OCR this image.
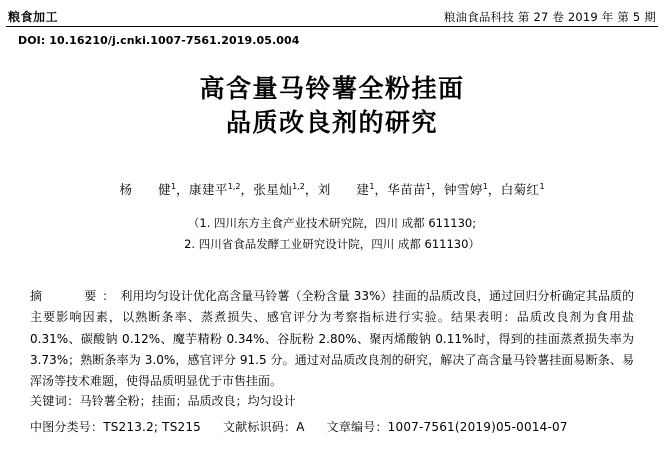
粮食加工	粮油食品科技 第 27 卷 2019 年 第 5 期
DOI: 10.16210/j.cnki.1007-7561.2019.05.004
高含量马铃薯全粉挂面
品质改良剂的研究
杨　　健$^1$，康建平$^{1,2}$，张星灿$^{1,2}$，刘　　建$^1$，华苗苗$^1$，钟雪婷$^1$，白菊红$^1$
（1. 四川东方主食产业技术研究院，四川 成都 611130;
2. 四川省食品发酵工业研究设计院，四川 成都 611130）
摘　　要：利用均匀设计优化高含量马铃薯（全粉含量 33%）挂面的品质改良，通过回归分析确定其品质的主要影响因素，以熟断条率、蒸煮损失、感官评分为考察指标进行实验。结果表明：品质改良剂为食用盐 0.31%、碳酸钠 0.12%、魔芋精粉 0.34%、谷朊粉 2.80%、聚丙烯酸钠 0.11%时，得到的挂面蒸煮损失率为 3.73%；熟断条率为 3.0%，感官评分 91.5 分。通过对品质改良剂的研究，解决了高含量马铃薯挂面易断条、易浑汤等技术难题，使得品质明显优于市售挂面。
关键词：马铃薯全粉；挂面；品质改良；均匀设计
中图分类号：TS213.2; TS215 文献标识码：A 文章编号：1007-7561(2019)05-0014-07
